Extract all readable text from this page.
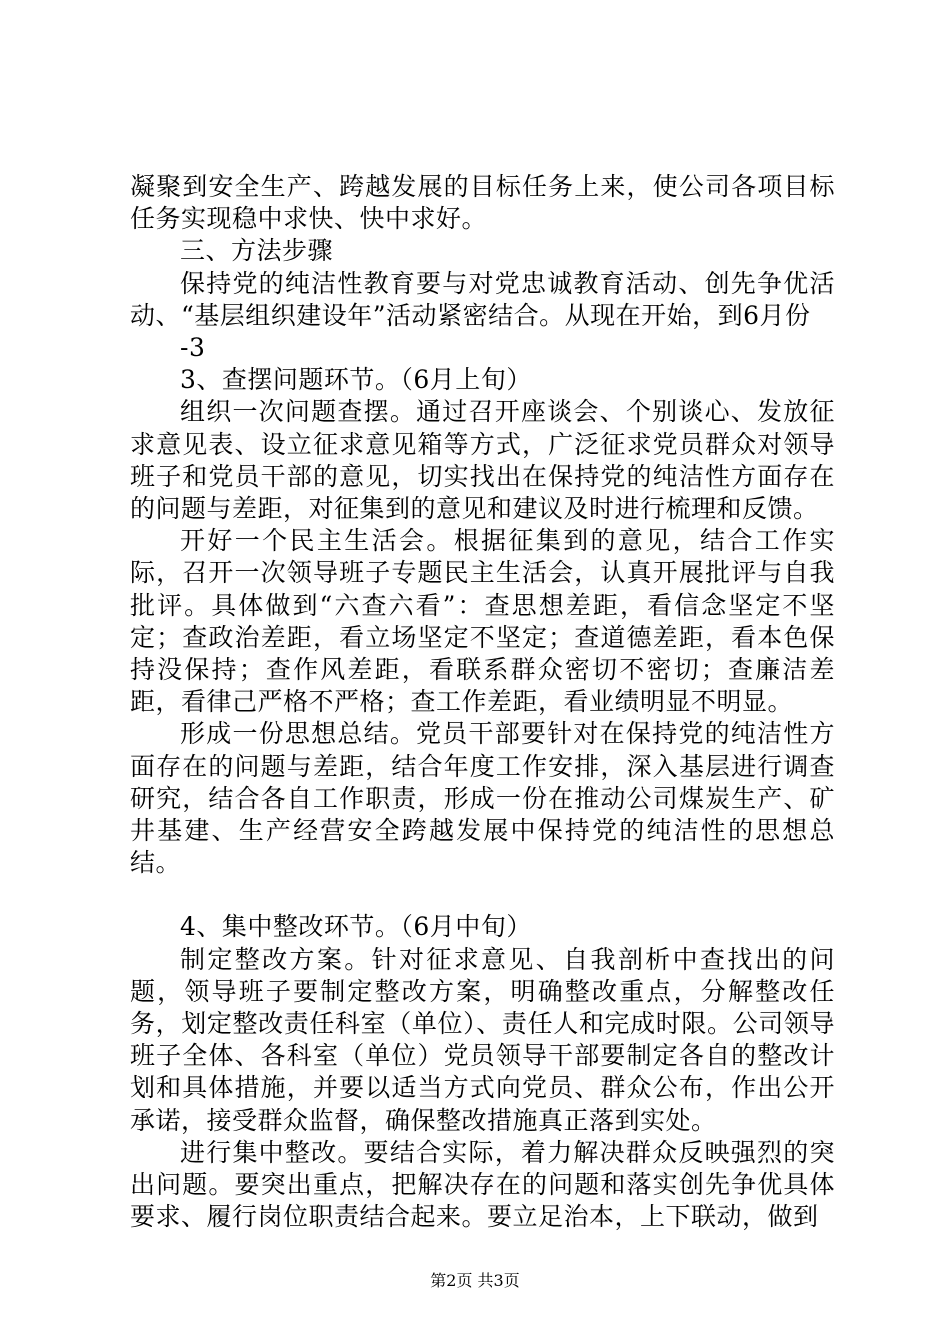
凝聚到安全生产、跨越发展的目标任务上来，使公司各项目标任务实现稳中求快、快中求好。

三、方法步骤

保持党的纯洁性教育要与对党忠诚教育活动、创先争优活动、“基层组织建设年”活动紧密结合。从现在开始，到6月份

-3

3、查摆问题环节。（6月上旬）

组织一次问题查摆。通过召开座谈会、个别谈心、发放征求意见表、设立征求意见箱等方式，广泛征求党员群众对领导班子和党员干部的意见，切实找出在保持党的纯洁性方面存在的问题与差距，对征集到的意见和建议及时进行梳理和反馈。

开好一个民主生活会。根据征集到的意见，结合工作实际，召开一次领导班子专题民主生活会，认真开展批评与自我批评。具体做到“六查六看”：查思想差距，看信念坚定不坚定；查政治差距，看立场坚定不坚定；查道德差距，看本色保持没保持；查作风差距，看联系群众密切不密切；查廉洁差距，看律己严格不严格；查工作差距，看业绩明显不明显。

形成一份思想总结。党员干部要针对在保持党的纯洁性方面存在的问题与差距，结合年度工作安排，深入基层进行调查研究，结合各自工作职责，形成一份在推动公司煤炭生产、矿井基建、生产经营安全跨越发展中保持党的纯洁性的思想总结。

4、集中整改环节。（6月中旬）

制定整改方案。针对征求意见、自我剖析中查找出的问题，领导班子要制定整改方案，明确整改重点，分解整改任务，划定整改责任科室（单位）、责任人和完成时限。公司领导班子全体、各科室（单位）党员领导干部要制定各自的整改计划和具体措施，并要以适当方式向党员、群众公布，作出公开承诺，接受群众监督，确保整改措施真正落到实处。

进行集中整改。要结合实际，着力解决群众反映强烈的突出问题。要突出重点，把解决存在的问题和落实创先争优具体要求、履行岗位职责结合起来。要立足治本，上下联动，做到

第2页 共3页
